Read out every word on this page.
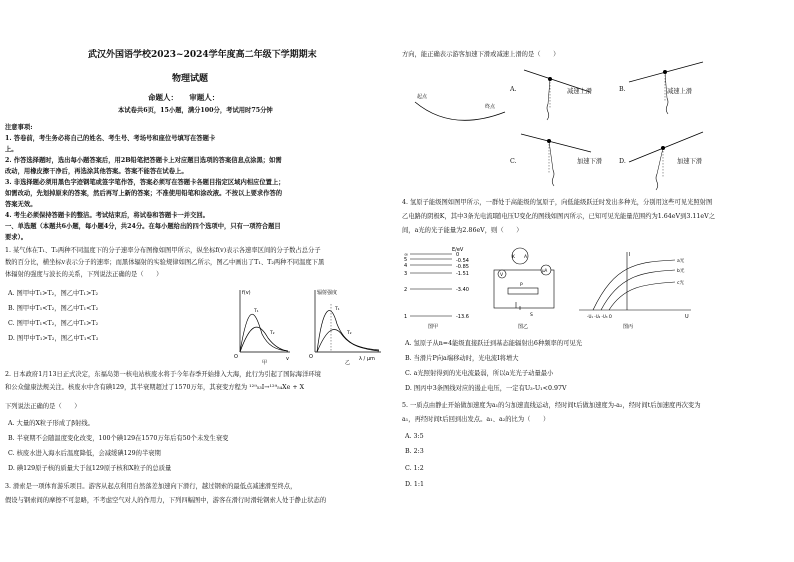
武汉外国语学校2023~2024学年度高二年级下学期期末
物理试题
命题人：　　审题人：
本试卷共6页，15小题，满分100分，考试用时75分钟
注意事项:
1. 答卷前，考生务必将自己的姓名、考生号、考场号和座位号填写在答题卡
上。
2. 作答选择题时，选出每小题答案后，用2B铅笔把答题卡上对应题目选项的答案信息点涂黑；如需
改动，用橡皮擦干净后，再选涂其他答案。答案不能答在试卷上。
3. 非选择题必须用黑色字迹钢笔或签字笔作答，答案必须写在答题卡各题目指定区域内相应位置上；
如需改动，先划掉原来的答案，然后再写上新的答案；不准使用铅笔和涂改液。不按以上要求作答的
答案无效。
4. 考生必须保持答题卡的整洁。考试结束后，将试卷和答题卡一并交回。
一、单选题（本题共6小题，每小题4分，共24分。在每小题给出的四个选项中，只有一项符合题目
要求）。
1. 某气体在T₁、T₂两种不同温度下的分子速率分布图像如图甲所示，纵坐标f(v)表示各速率区间的分子数占总分子
数的百分比，横坐标v表示分子的速率；而黑体辐射的实验规律如图乙所示，图乙中画出了T₁、T₂两种不同温度下黑
体辐射的强度与波长的关系，下列说法正确的是（　　）
A. 图甲中T₁>T₂，图乙中T₁>T₂
B. 图甲中T₁<T₂，图乙中T₁<T₂
C. 图甲中T₁<T₂，图乙中T₁>T₂
D. 图甲中T₁>T₂，图乙中T₁<T₂
f(v)
v
O
T₁
T₂
甲
辐射强度
λ / μm
O
T₁
T₂
乙
2. 日本政府1月13日正式决定，东福岛第一核电站核废水将于今年春季开始排入大海，此行为引起了国际海洋环境
和公众健康法规关注。核废水中含有碘129，其半衰期超过了1570万年，其衰变方程为 ¹²⁹₅₃I→¹²⁹₅₄Xe + X
下列说法正确的是（　　）
A. 大量的X粒子形成了β射线。
B. 半衰期不会随温度变化改变，100个碘129在1570万年后有50个未发生衰变
C. 核废水进入海水后温度降低，会减缓碘129的半衰期
D. 碘129原子核的质量大于氙129原子核和X粒子的总质量
3. 滑索是一项体育游乐项目。游客从起点利用自然落差加速向下滑行，越过钢索的最低点减速滑至终点，
假设与钢索间的摩擦不可忽略，不考虑空气对人的作用力，下列四幅图中，游客在滑行时滑轮钢索人处于静止状态的
方向，能正确表示游客加速下滑或减速上滑的是（　　）
起点
终点
A.	减速上滑	B.	减速上滑
C.	加速下滑	D.	加速下滑
4. 氢原子能级图如图甲所示，一群处于高能级的氢原子，向低能级跃迁时发出多种光，分别用这些可见光照射图
乙电路的阴极K，其中3条光电流I随电压U变化的图线如图丙所示，已知可见光能量范围约为1.64eV到3.11eV之
间，a光的光子能量为2.86eV，则（　　）
E/eV
∞	0
5	-0.54
4	-0.85
3	-1.51
2	-3.40
1	-13.6
图甲
K A
V
μA
P
S
图乙
a光
b光
c光
I
U
-U₁ -U₂ -U₃ O
图丙
A. 氢原子从n=4能级直接跃迁到基态能辐射出6种频率的可见光
B. 当滑片P向a端移动时，光电流I将增大
C. a光照射得到的光电流最弱，所以a光光子动量最小
D. 图丙中3条图线对应的遏止电压，一定有U₃-U₁<0.97V
5. 一质点由静止开始做加速度为a₁的匀加速直线运动，经时间t后做加速度为-a₂，经时间t后加速度再次变为
a₁，再经时间t后回到出发点。a₁、a₂的比为（　　）
A. 3:5
B. 2:3
C. 1:2
D. 1:1
